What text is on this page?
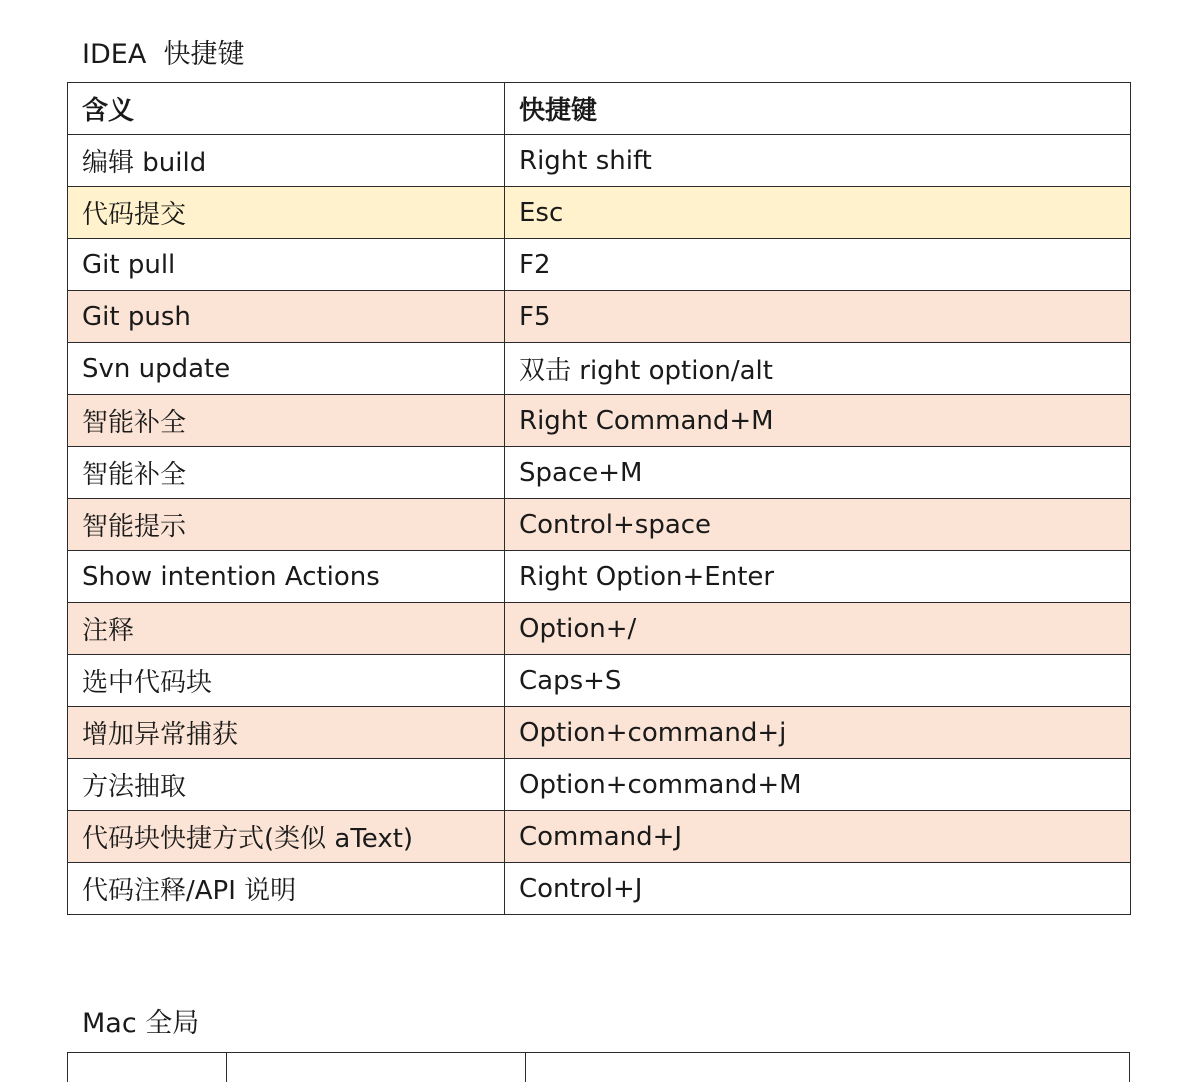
IDEA  快捷键
含义	快捷键
编辑 build	Right shift
代码提交	Esc
Git pull	F2
Git push	F5
Svn update	双击 right option/alt
智能补全	Right Command+M
智能补全	Space+M
智能提示	Control+space
Show intention Actions	Right Option+Enter
注释	Option+/
选中代码块	Caps+S
增加异常捕获	Option+command+j
方法抽取	Option+command+M
代码块快捷方式(类似 aText)	Command+J
代码注释/API 说明	Control+J
Mac 全局
